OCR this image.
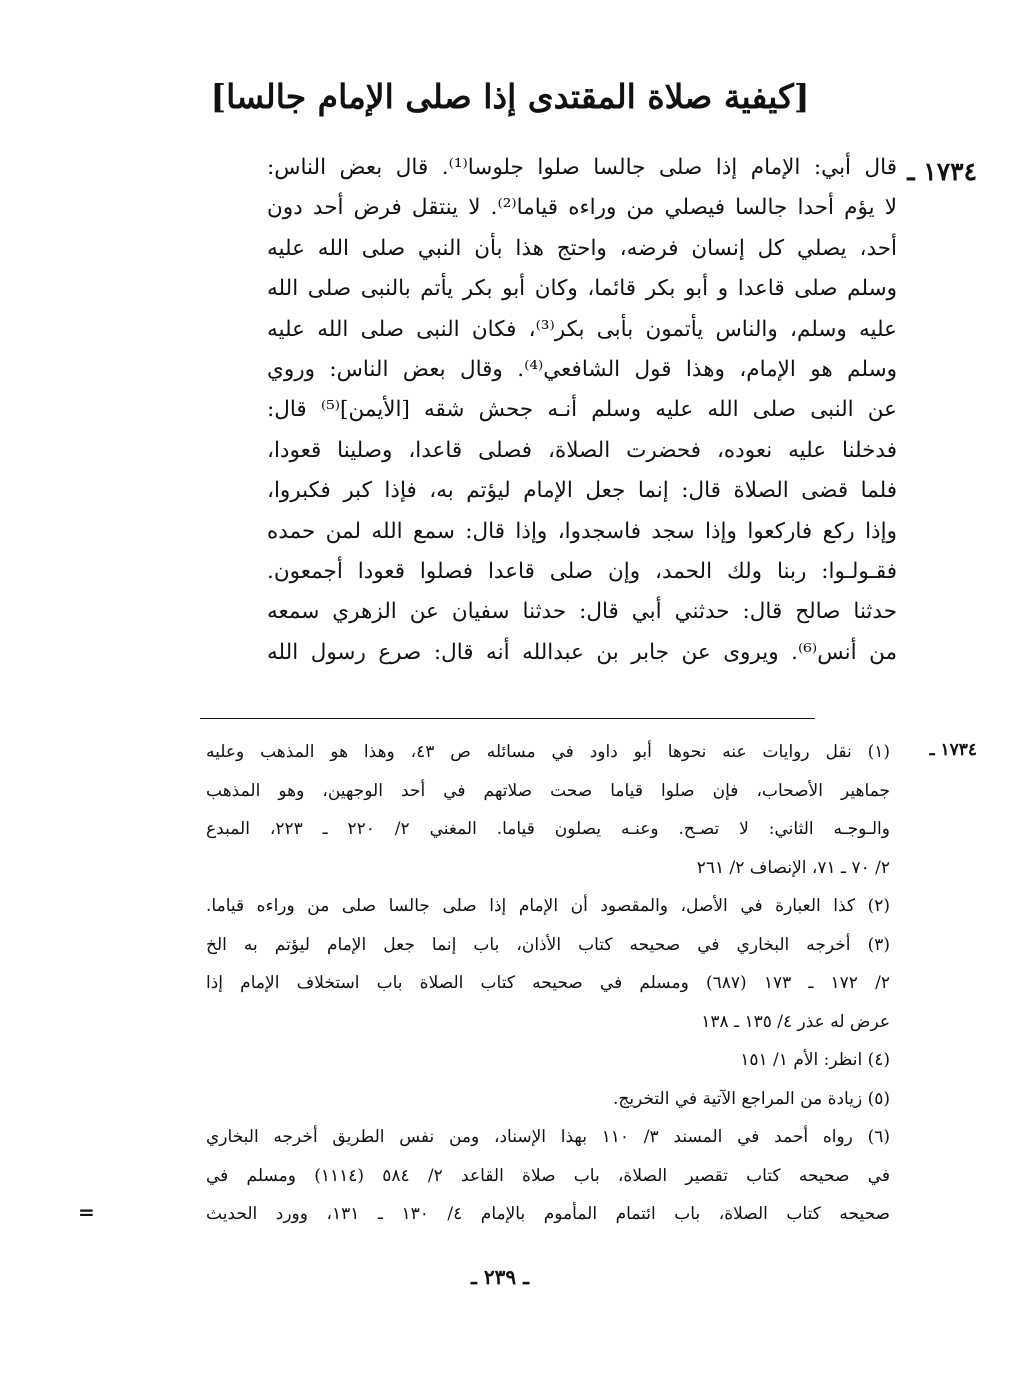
[كيفية صلاة المقتدى إذا صلى الإمام جالسا]
١٧٣٤ ـ
قال أبي: الإمام إذا صلى جالسا صلوا جلوسا⁽¹⁾. قال بعض الناس:
لا يؤم أحدا جالسا فيصلي من وراءه قياما⁽²⁾. لا ينتقل فرض أحد دون
أحد، يصلي كل إنسان فرضه، واحتج هذا بأن النبي صلى الله عليه
وسلم صلى قاعدا و أبو بكر قائما، وكان أبو بكر يأتم بالنبى صلى الله
عليه وسلم، والناس يأتمون بأبى بكر⁽³⁾، فكان النبى صلى الله عليه
وسلم هو الإمام، وهذا قول الشافعي⁽⁴⁾. وقال بعض الناس: وروي
عن النبى صلى الله عليه وسلم أنـه جحش شقه [الأيمن]⁽⁵⁾ قال:
فدخلنا عليه نعوده، فحضرت الصلاة، فصلى قاعدا، وصلينا قعودا،
فلما قضى الصلاة قال: إنما جعل الإمام ليؤتم به، فإذا كبر فكبروا،
وإذا ركع فاركعوا وإذا سجد فاسجدوا، وإذا قال: سمع الله لمن حمده
فقـولـوا: ربنا ولك الحمد، وإن صلى قاعدا فصلوا قعودا أجمعون.
حدثنا صالح قال: حدثني أبي قال: حدثنا سفيان عن الزهري سمعه
من أنس⁽⁶⁾. ويروى عن جابر بن عبدالله أنه قال: صرع رسول الله
١٧٣٤ ـ
(١) نقل روايات عنه نحوها أبو داود في مسائله ص ٤٣، وهذا هو المذهب وعليه
جماهير الأصحاب، فإن صلوا قياما صحت صلاتهم في أحد الوجهين، وهو المذهب
والـوجـه الثاني: لا تصـح. وعنـه يصلون قياما. المغني ٢/ ٢٢٠ ـ ٢٢٣، المبدع
٢/ ٧٠ ـ ٧١، الإنصاف ٢/ ٢٦١
(٢) كذا العبارة في الأصل، والمقصود أن الإمام إذا صلى جالسا صلى من وراءه قياما.
(٣) أخرجه البخاري في صحيحه كتاب الأذان، باب إنما جعل الإمام ليؤتم به الخ
٢/ ١٧٢ ـ ١٧٣ (٦٨٧) ومسلم في صحيحه كتاب الصلاة باب استخلاف الإمام إذا
عرض له عذر ٤/ ١٣٥ ـ ١٣٨
(٤) انظر: الأم ١/ ١٥١
(٥) زيادة من المراجع الآتية في التخريج.
(٦) رواه أحمد في المسند ٣/ ١١٠ بهذا الإسناد، ومن نفس الطريق أخرجه البخاري
في صحيحه كتاب تقصير الصلاة، باب صلاة القاعد ٢/ ٥٨٤ (١١١٤) ومسلم في
صحيحه كتاب الصلاة، باب ائتمام المأموم بالإمام ٤/ ١٣٠ ـ ١٣١، وورد الحديث
=
ـ ٢٣٩ ـ
